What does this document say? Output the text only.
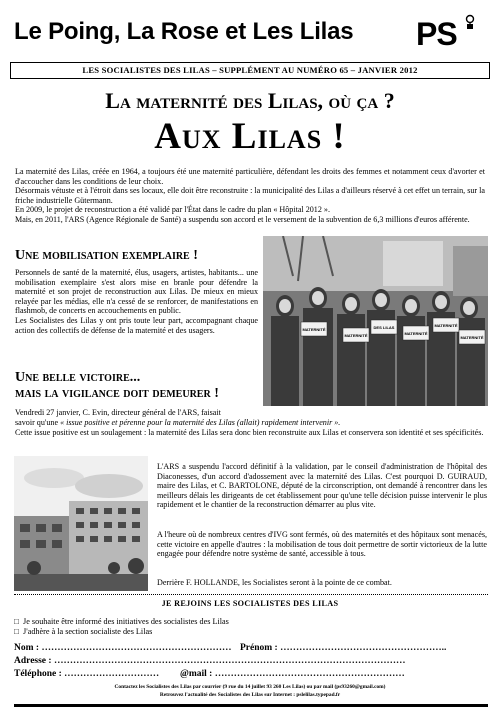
Le Poing, La Rose et Les Lilas PS
LES SOCIALISTES DES LILAS – SUPPLÉMENT AU NUMÉRO 65 – JANVIER 2012
La maternité des Lilas, où ça ?
Aux Lilas !
La maternité des Lilas, créée en 1964, a toujours été une maternité particulière, défendant les droits des femmes et notamment ceux d'avorter et d'accoucher dans les conditions de leur choix.
Désormais vétuste et à l'étroit dans ses locaux, elle doit être reconstruite : la municipalité des Lilas a d'ailleurs réservé à cet effet un terrain, sur la friche industrielle Gütermann.
En 2009, le projet de reconstruction a été validé par l'État dans le cadre du plan « Hôpital 2012 ».
Mais, en 2011, l'ARS (Agence Régionale de Santé) a suspendu son accord et le versement de la subvention de 6,3 millions d'euros afférente.
Une mobilisation exemplaire !
Personnels de santé de la maternité, élus, usagers, artistes, habitants... une mobilisation exemplaire s'est alors mise en branle pour défendre la maternité et son projet de reconstruction aux Lilas. De mieux en mieux relayée par les médias, elle n'a cessé de se renforcer, de manifestations en flashmob, de concerts en accouchements en public.
Les Socialistes des Lilas y ont pris toute leur part, accompagnant chaque action des collectifs de défense de la maternité et des usagers.	MATERNITÉ
MATERNITÉ
DES LILAS
MATERNITÉ
MATERNITÉ
MATERNITÉ
Une belle victoire...
mais la vigilance doit demeurer !
Vendredi 27 janvier, C. Evin, directeur général de l'ARS, faisait
savoir qu'une « issue positive et pérenne pour la maternité des Lilas (allait) rapidement intervenir ».
Cette issue positive est un soulagement : la maternité des Lilas sera donc bien reconstruite aux Lilas et conservera son identité et ses spécificités.
L'ARS a suspendu l'accord définitif à la validation, par le conseil d'administration de l'hôpital des Diaconesses, d'un accord d'adossement avec la maternité des Lilas. C'est pourquoi D. GUIRAUD, maire des Lilas, et C. BARTOLONE, député de la circonscription, ont demandé à rencontrer dans les meilleurs délais les dirigeants de cet établissement pour qu'une telle décision puisse intervenir le plus rapidement et le chantier de la reconstruction démarrer au plus vite.
A l'heure où de nombreux centres d'IVG sont fermés, où des maternités et des hôpitaux sont menacés, cette victoire en appelle d'autres : la mobilisation de tous doit permettre de sortir victorieux de la lutte engagée pour défendre notre système de santé, accessible à tous.
Derrière F. HOLLANDE, les Socialistes seront à la pointe de ce combat.
JE REJOINS LES SOCIALISTES DES LILAS
□ Je souhaite être informé des initiatives des socialistes des Lilas
□ J'adhère à la section socialiste des Lilas
Nom : …………………………………………………… Prénom : ……………………………………………..
Adresse : …………………………………………………………………………………………………
Téléphone : ………………………… @mail : ……………………………………………………
Contactez les Socialistes des Lilas par courrier (9 rue du 14 juillet 93 260 Les Lilas) ou par mail (ps93260@gmail.com)
Retrouvez l'actualité des Socialistes des Lilas sur Internet : pslelilas.typepad.fr
